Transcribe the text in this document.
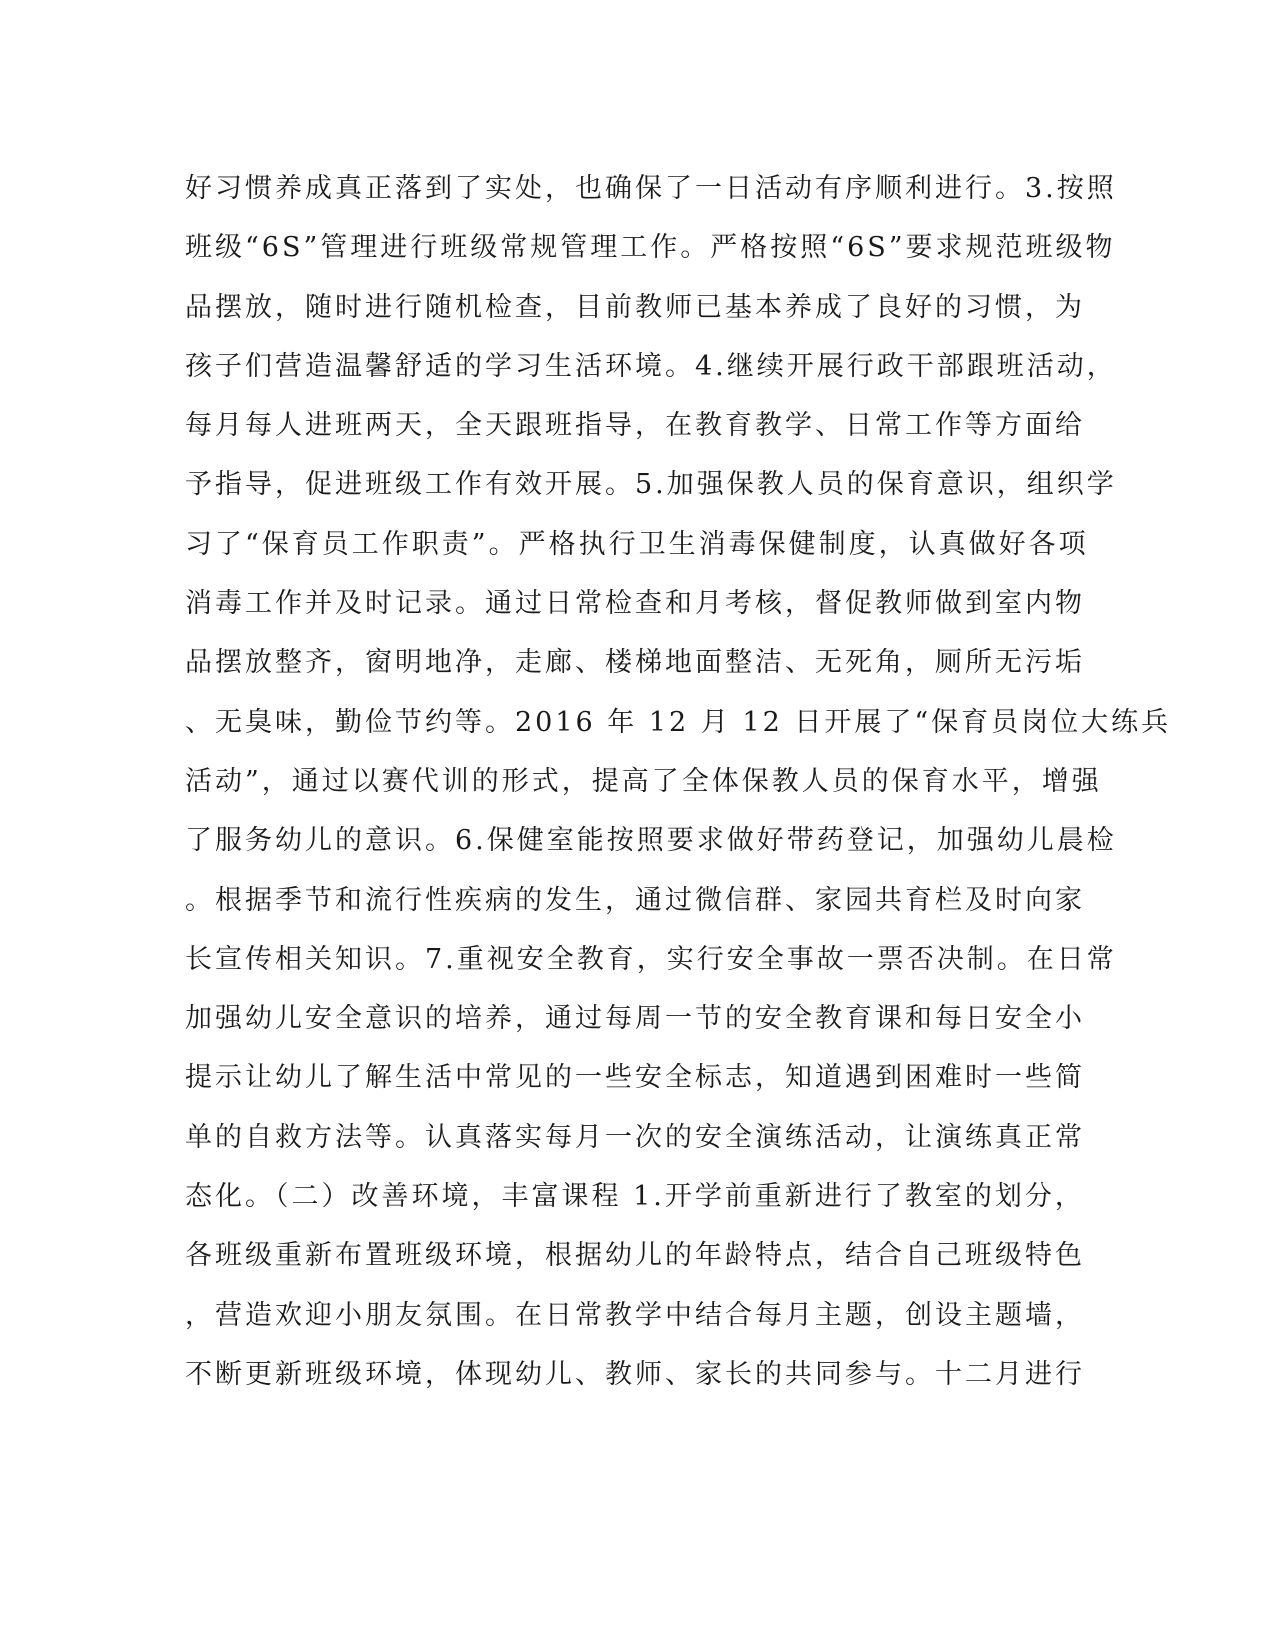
好习惯养成真正落到了实处，也确保了一日活动有序顺利进行。3.按照
班级“6S”管理进行班级常规管理工作。严格按照“6S”要求规范班级物
品摆放，随时进行随机检查，目前教师已基本养成了良好的习惯，为
孩子们营造温馨舒适的学习生活环境。4.继续开展行政干部跟班活动，
每月每人进班两天，全天跟班指导，在教育教学、日常工作等方面给
予指导，促进班级工作有效开展。5.加强保教人员的保育意识，组织学
习了“保育员工作职责”。严格执行卫生消毒保健制度，认真做好各项
消毒工作并及时记录。通过日常检查和月考核，督促教师做到室内物
品摆放整齐，窗明地净，走廊、楼梯地面整洁、无死角，厕所无污垢
、无臭味，勤俭节约等。2016 年 12 月 12 日开展了“保育员岗位大练兵
活动”，通过以赛代训的形式，提高了全体保教人员的保育水平，增强
了服务幼儿的意识。6.保健室能按照要求做好带药登记，加强幼儿晨检
。根据季节和流行性疾病的发生，通过微信群、家园共育栏及时向家
长宣传相关知识。7.重视安全教育，实行安全事故一票否决制。在日常
加强幼儿安全意识的培养，通过每周一节的安全教育课和每日安全小
提示让幼儿了解生活中常见的一些安全标志，知道遇到困难时一些简
单的自救方法等。认真落实每月一次的安全演练活动，让演练真正常
态化。（二）改善环境，丰富课程 1.开学前重新进行了教室的划分，
各班级重新布置班级环境，根据幼儿的年龄特点，结合自己班级特色
，营造欢迎小朋友氛围。在日常教学中结合每月主题，创设主题墙，
不断更新班级环境，体现幼儿、教师、家长的共同参与。十二月进行
